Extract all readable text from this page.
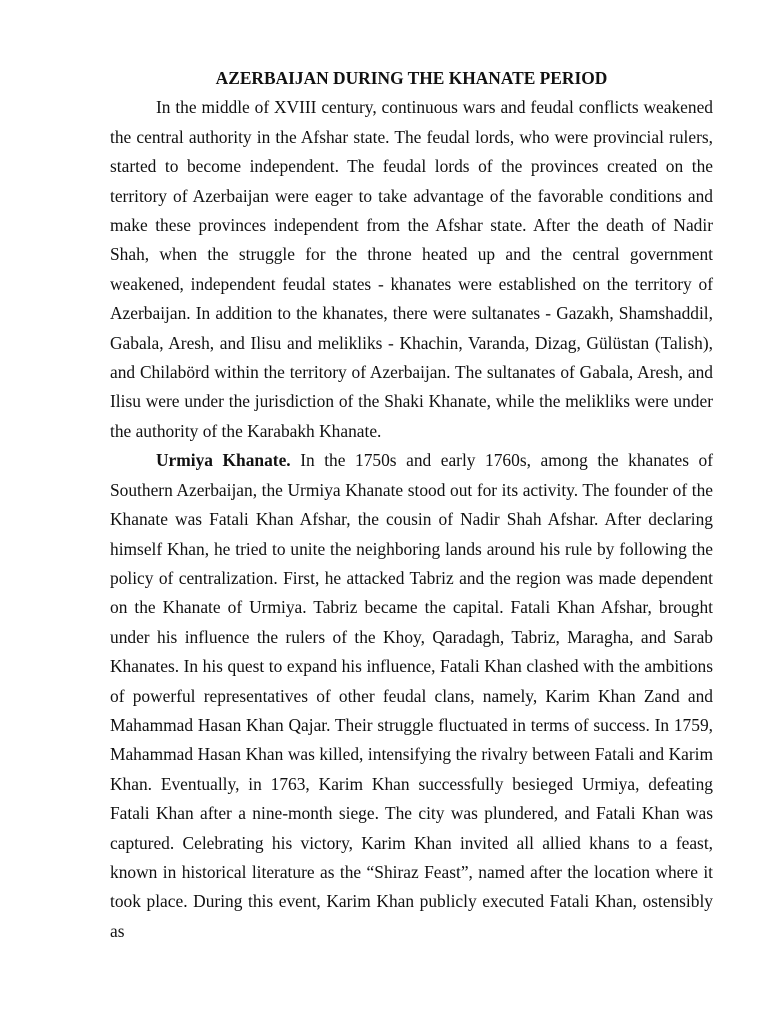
AZERBAIJAN DURING THE KHANATE PERIOD

In the middle of XVIII century, continuous wars and feudal conflicts weakened the central authority in the Afshar state. The feudal lords, who were provincial rulers, started to become independent. The feudal lords of the provinces created on the territory of Azerbaijan were eager to take advantage of the favorable conditions and make these provinces independent from the Afshar state. After the death of Nadir Shah, when the struggle for the throne heated up and the central government weakened, independent feudal states - khanates were established on the territory of Azerbaijan. In addition to the khanates, there were sultanates - Gazakh, Shamshaddil, Gabala, Aresh, and Ilisu and melikliks - Khachin, Varanda, Dizag, Gülüstan (Talish), and Chilabörd within the territory of Azerbaijan. The sultanates of Gabala, Aresh, and Ilisu were under the jurisdiction of the Shaki Khanate, while the melikliks were under the authority of the Karabakh Khanate.

Urmiya Khanate. In the 1750s and early 1760s, among the khanates of Southern Azerbaijan, the Urmiya Khanate stood out for its activity. The founder of the Khanate was Fatali Khan Afshar, the cousin of Nadir Shah Afshar. After declaring himself Khan, he tried to unite the neighboring lands around his rule by following the policy of centralization. First, he attacked Tabriz and the region was made dependent on the Khanate of Urmiya. Tabriz became the capital. Fatali Khan Afshar, brought under his influence the rulers of the Khoy, Qaradagh, Tabriz, Maragha, and Sarab Khanates. In his quest to expand his influence, Fatali Khan clashed with the ambitions of powerful representatives of other feudal clans, namely, Karim Khan Zand and Mahammad Hasan Khan Qajar. Their struggle fluctuated in terms of success. In 1759, Mahammad Hasan Khan was killed, intensifying the rivalry between Fatali and Karim Khan. Eventually, in 1763, Karim Khan successfully besieged Urmiya, defeating Fatali Khan after a nine-month siege. The city was plundered, and Fatali Khan was captured. Celebrating his victory, Karim Khan invited all allied khans to a feast, known in historical literature as the “Shiraz Feast”, named after the location where it took place. During this event, Karim Khan publicly executed Fatali Khan, ostensibly as
